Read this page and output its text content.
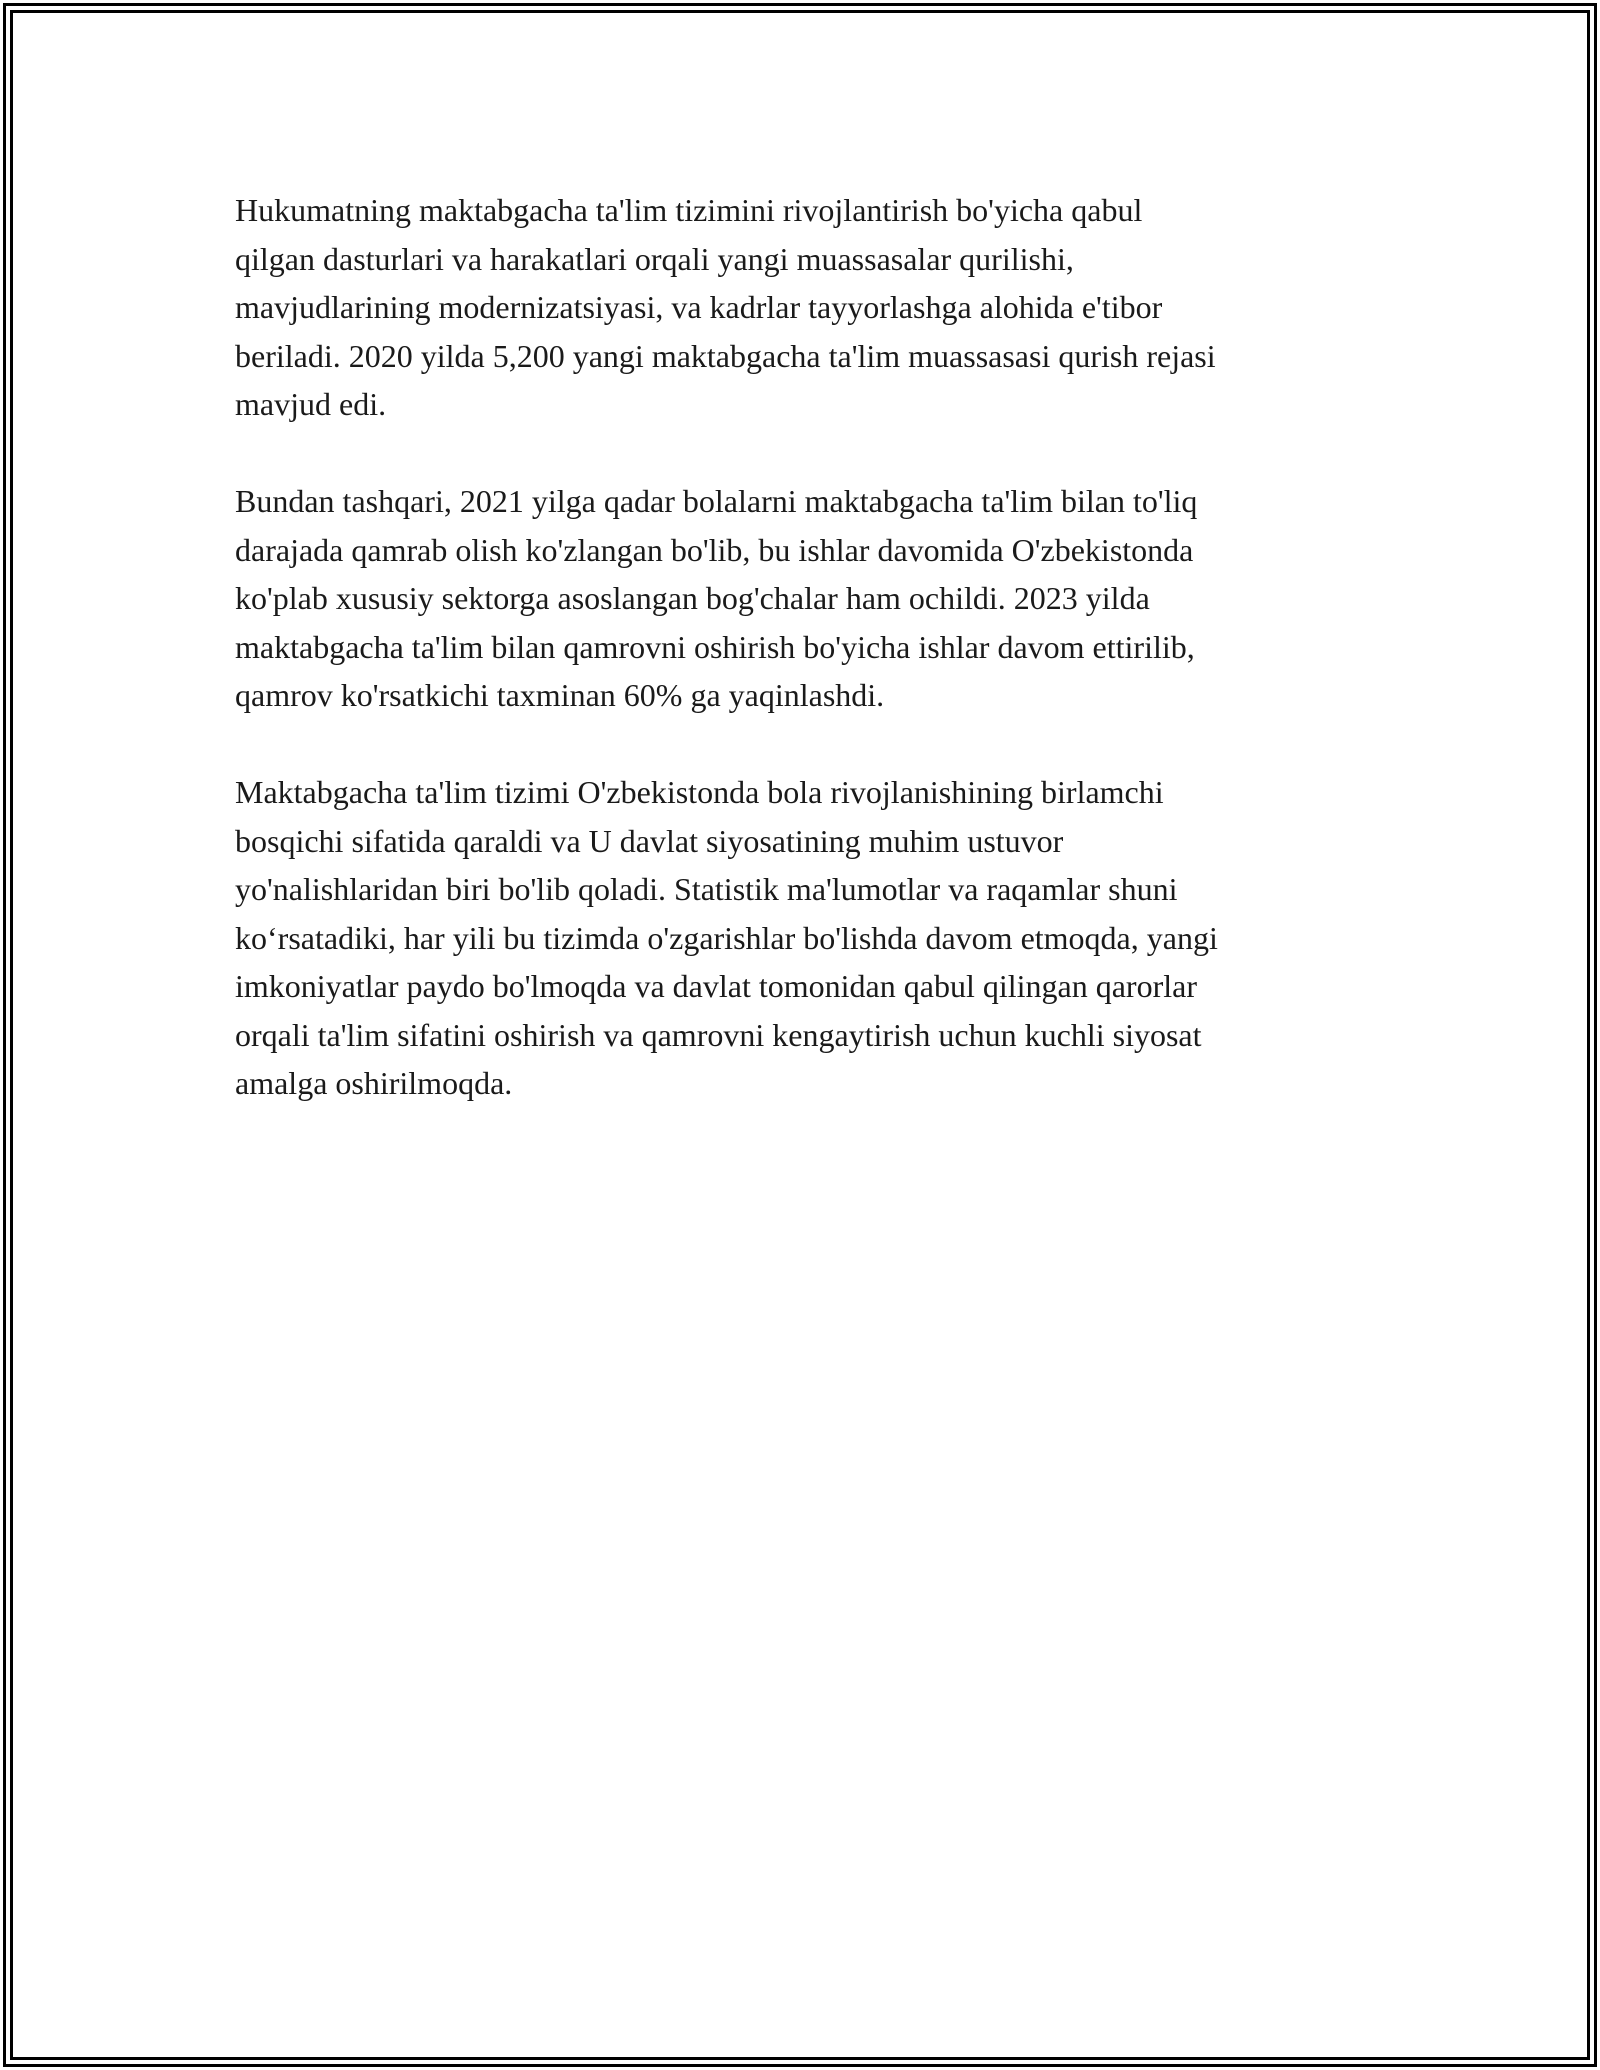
Hukumatning maktabgacha ta'lim tizimini rivojlantirish bo'yicha qabul
qilgan dasturlari va harakatlari orqali yangi muassasalar qurilishi,
mavjudlarining modernizatsiyasi, va kadrlar tayyorlashga alohida e'tibor
beriladi. 2020 yilda 5,200 yangi maktabgacha ta'lim muassasasi qurish rejasi
mavjud edi.

Bundan tashqari, 2021 yilga qadar bolalarni maktabgacha ta'lim bilan to'liq
darajada qamrab olish ko'zlangan bo'lib, bu ishlar davomida O'zbekistonda
ko'plab xususiy sektorga asoslangan bog'chalar ham ochildi. 2023 yilda
maktabgacha ta'lim bilan qamrovni oshirish bo'yicha ishlar davom ettirilib,
qamrov ko'rsatkichi taxminan 60% ga yaqinlashdi.

Maktabgacha ta'lim tizimi O'zbekistonda bola rivojlanishining birlamchi
bosqichi sifatida qaraldi va U davlat siyosatining muhim ustuvor
yo'nalishlaridan biri bo'lib qoladi. Statistik ma'lumotlar va raqamlar shuni
ko‘rsatadiki, har yili bu tizimda o'zgarishlar bo'lishda davom etmoqda, yangi
imkoniyatlar paydo bo'lmoqda va davlat tomonidan qabul qilingan qarorlar
orqali ta'lim sifatini oshirish va qamrovni kengaytirish uchun kuchli siyosat
amalga oshirilmoqda.
